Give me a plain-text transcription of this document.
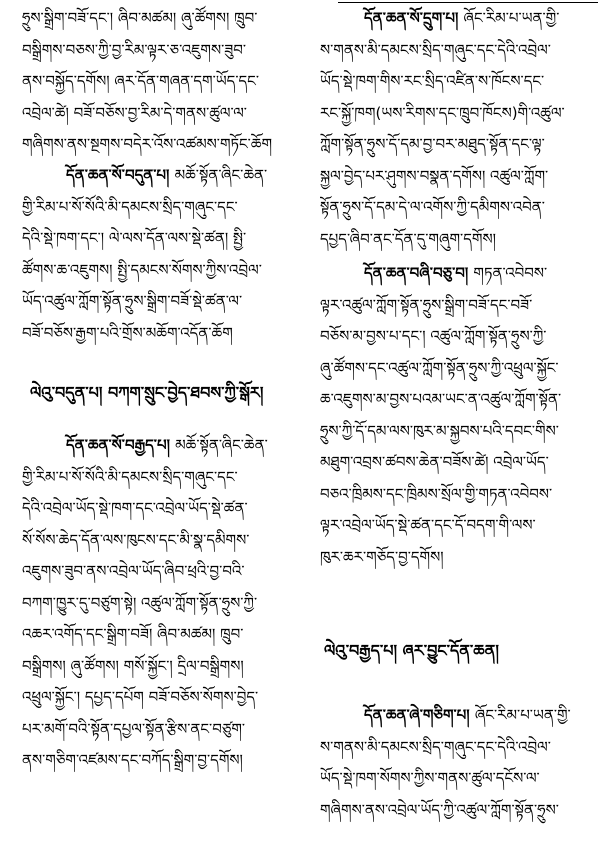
ཧྲུས་སྒྲིག་བཟོ་དང་། ཞིབ་མཚམ། ཞུ་ཚོགས། ཁྲུབ་
བསྒྲིགས་བཅས་ཀྱི་བྱ་རིམ་ལྟར་ཅ་འཇུགས་ཟུབ་
ནས་བསྐྱོད་དགོས། ཞར་དོན་གཞན་དག་ཡོད་དང་
འབྲེལ་ཚེ། བཟོ་བཅོས་བྱ་རིམ་དེ་གནས་ཚུལ་ལ་
གཞིགས་ནས་སྔགས་བདེར་འོས་འཚམས་གཏོང་ཆོག
དོན་ཆན་སོ་བདུན་པ། མཆོ་སྟོན་ཞིང་ཆེན་
གྱི་རིམ་པ་སོ་སོའི་མི་དམངས་སྲིད་གཞུང་དང་
དེའི་སྡེ་ཁག་དང་། ལེ་ལས་དོན་ལས་སྡེ་ཚན། སྤྱི་
ཚོགས་ཆ་འཇུགས། སྤྱི་དམངས་སོགས་ཀྱིས་འབྲེལ་
ཡོད་འཚུལ་ཀློག་སྟོན་ཧྲུས་སྒྲིག་བཟོ་སྡེ་ཚན་ལ་
བཟོ་བཅོས་རྒྱག་པའི་གྲོས་མཆོག་འདོན་ཆོག
ལེའུ་བདུན་པ། བཀག་སྲུང་བྱེད་ཐབས་ཀྱི་སྒོར།
དོན་ཆན་སོ་བརྒྱད་པ། མཆོ་སྟོན་ཞིང་ཆེན་
གྱི་རིམ་པ་སོ་སོའི་མི་དམངས་སྲིད་གཞུང་དང་
དེའི་འབྲེལ་ཡོད་སྡེ་ཁག་དང་འབྲེལ་ཡོད་སྡེ་ཚན་
སོ་སོས་ཆེད་དོན་ལས་ཁུངས་དང་མི་སྣ་དམིགས་
འཇུགས་ཟུབ་ནས་འབྲེལ་ཡོད་ཞིབ་ཕྲའི་བྱ་བའི་
བཀག་ཁྱུར་དུ་བཙུག་སྟེ། འཚུལ་ཀློག་སྟོན་ཧྲུས་ཀྱི་
འཆར་འགོད་དང་སྒྲིག་བཟོ། ཞིབ་མཚམ། ཁྲུབ་
བསྒྲིགས། ཞུ་ཚོགས། གསོ་སྐྱོང་། དྲིལ་བསྒྲིགས།
འཕྲུལ་སྐྱོང་། དཔྱད་དཔོག བཟོ་བཅོས་སོགས་བྱེད་
པར་མགོ་བའི་སྟོན་དཔྱལ་སྟོན་རྩིས་ནང་བཙུག་
ནས་གཅིག་འཛམས་དང་བཀོད་སྒྲིག་བྱ་དགོས།
དོན་ཆན་སོ་དྲུག་པ། ཞོང་རིམ་པ་ཡན་གྱི་
ས་གནས་མི་དམངས་སྲིད་གཞུང་དང་དེའི་འབྲེལ་
ཡོད་སྡེ་ཁག་གིས་རང་སྲིད་འཛིན་ས་ཁོངས་དང་
རང་སྐྱོ་ཁག(ཡས་རིགས་དང་ཁྲུབ་ཁོངས)གི་འཚུལ་
ཀློག་སྟོན་ཧྲུས་དོ་དམ་བྱ་བར་མཐུད་སྟོན་དང་ལྟ་
སྐྱལ་བྱེད་པར་ཤུགས་བསྣན་དགོས། འཚུལ་ཀློག་
སྟོན་ཧྲུས་དོ་དམ་དེ་ལ་འགོས་ཀྱི་དམིགས་འབེན་
དཔྱད་ཞིབ་ནང་དོན་དུ་གཞུག་དགོས།
དོན་ཆན་བཞི་བཅུ་བ། གཏན་འབེབས་
ལྟར་འཚུལ་ཀློག་སྟོན་ཧྲུས་སྒྲིག་བཟོ་དང་བཟོ་
བཅོས་མ་བྱས་པ་དང་། འཚུལ་ཀློག་སྟོན་ཧྲུས་ཀྱི་
ཞུ་ཚོགས་དང་འཚུལ་ཀློག་སྟོན་ཧྲུས་ཀྱི་འཕྲུལ་སྐྱོང་
ཆ་འཇུགས་མ་བྱས་པའམ་ཡང་ན་འཚུལ་ཀློག་སྟོན་
ཧྲུས་ཀྱི་དོ་དམ་ལས་ཁུར་མ་སྐྱབས་པའི་དབང་གིས་
མཐུག་འབྲས་ཚབས་ཆེན་བཟོས་ཚེ། འབྲེལ་ཡོད་
བཅའ་ཁྲིམས་དང་ཁྲིམས་སྲོལ་གྱི་གཏན་འབེབས་
ལྟར་འབྲེལ་ཡོད་སྡེ་ཚན་དང་དོ་བདག་གི་ལས་
ཁུར་ཆར་གཅོད་བྱ་དགོས།
ལེའུ་བརྒྱད་པ། ཞར་བྱུང་དོན་ཆན།
དོན་ཆན་ཞེ་གཅིག་པ། ཞོང་རིམ་པ་ཡན་གྱི་
ས་གནས་མི་དམངས་སྲིད་གཞུང་དང་དེའི་འབྲེལ་
ཡོད་སྡེ་ཁག་སོགས་ཀྱིས་གནས་ཚུལ་དངོས་ལ་
གཞིགས་ནས་འབྲེལ་ཡོད་ཀྱི་འཚུལ་ཀློག་སྟོན་ཧྲུས་
